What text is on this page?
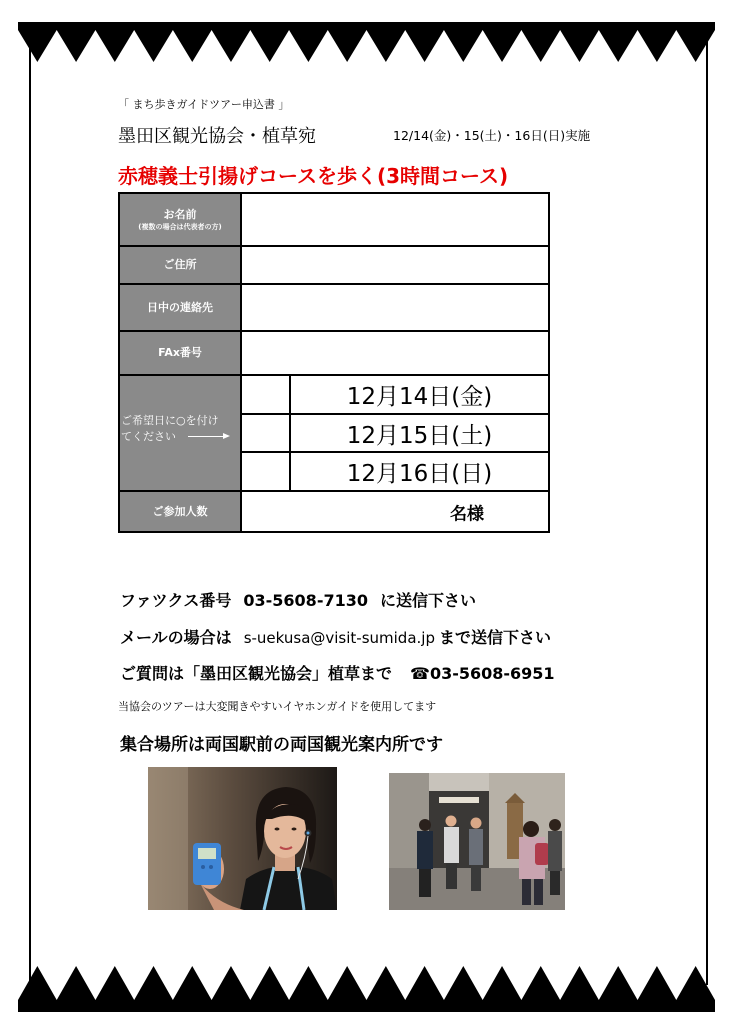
「 まち歩きガイドツアー申込書 」
墨田区観光協会・植草宛	12/14(金)・15(土)・16日(日)実施
赤穂義士引揚げコースを歩く(3時間コース)
お名前
(複数の場合は代表者の方)
ご住所
日中の連絡先
FAx番号
ご希望日に○を付け
てください
12月14日(金)
12月15日(土)
12月16日(日)
ご参加人数	名様
ファツクス番号 03-5608-7130 に送信下さい
メールの場合は s-uekusa@visit-sumida.jp まで送信下さい
ご質問は「墨田区観光協会」植草まで ☎03-5608-6951
当協会のツアーは大変聞きやすいイヤホンガイドを使用してます
集合場所は両国駅前の両国観光案内所です
